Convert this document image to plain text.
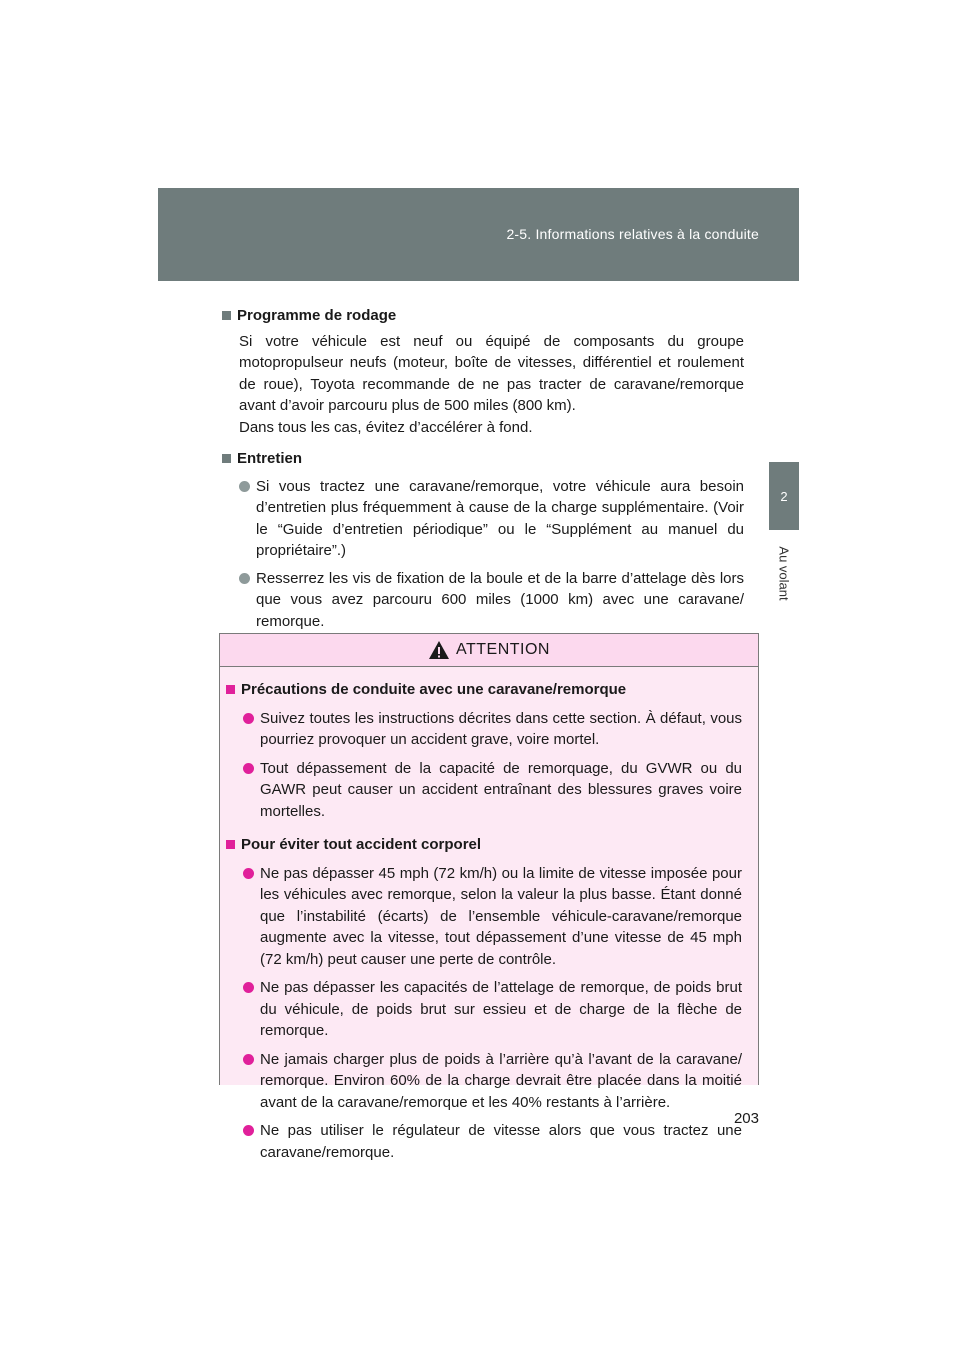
2-5. Informations relatives à la conduite
2
Au volant
Programme de rodage

Si votre véhicule est neuf ou équipé de composants du groupe motopropulseur neufs (moteur, boîte de vitesses, différentiel et roulement de roue), Toyota recommande de ne pas tracter de caravane/remorque avant d’avoir parcouru plus de 500 miles (800 km).

Dans tous les cas, évitez d’accélérer à fond.

Entretien
Si vous tractez une caravane/remorque, votre véhicule aura besoin d’entretien plus fréquemment à cause de la charge supplémentaire. (Voir le “Guide d’entretien périodique” ou le “Supplément au manuel du propriétaire”.)
Resserrez les vis de fixation de la boule et de la barre d’attelage dès lors que vous avez parcouru 600 miles (1000 km) avec une caravane/ remorque.
ATTENTION
Précautions de conduite avec une caravane/remorque
Suivez toutes les instructions décrites dans cette section. À défaut, vous pourriez provoquer un accident grave, voire mortel.
Tout dépassement de la capacité de remorquage, du GVWR ou du GAWR peut causer un accident entraînant des blessures graves voire mortelles.
Pour éviter tout accident corporel
Ne pas dépasser 45 mph (72 km/h) ou la limite de vitesse imposée pour les véhicules avec remorque, selon la valeur la plus basse. Étant donné que l’instabilité (écarts) de l’ensemble véhicule-caravane/remorque augmente avec la vitesse, tout dépassement d’une vitesse de 45 mph (72 km/h) peut causer une perte de contrôle.
Ne pas dépasser les capacités de l’attelage de remorque, de poids brut du véhicule, de poids brut sur essieu et de charge de la flèche de remorque.
Ne jamais charger plus de poids à l’arrière qu’à l’avant de la caravane/ remorque. Environ 60% de la charge devrait être placée dans la moitié avant de la caravane/remorque et les 40% restants à l’arrière.
Ne pas utiliser le régulateur de vitesse alors que vous tractez une caravane/remorque.
203
